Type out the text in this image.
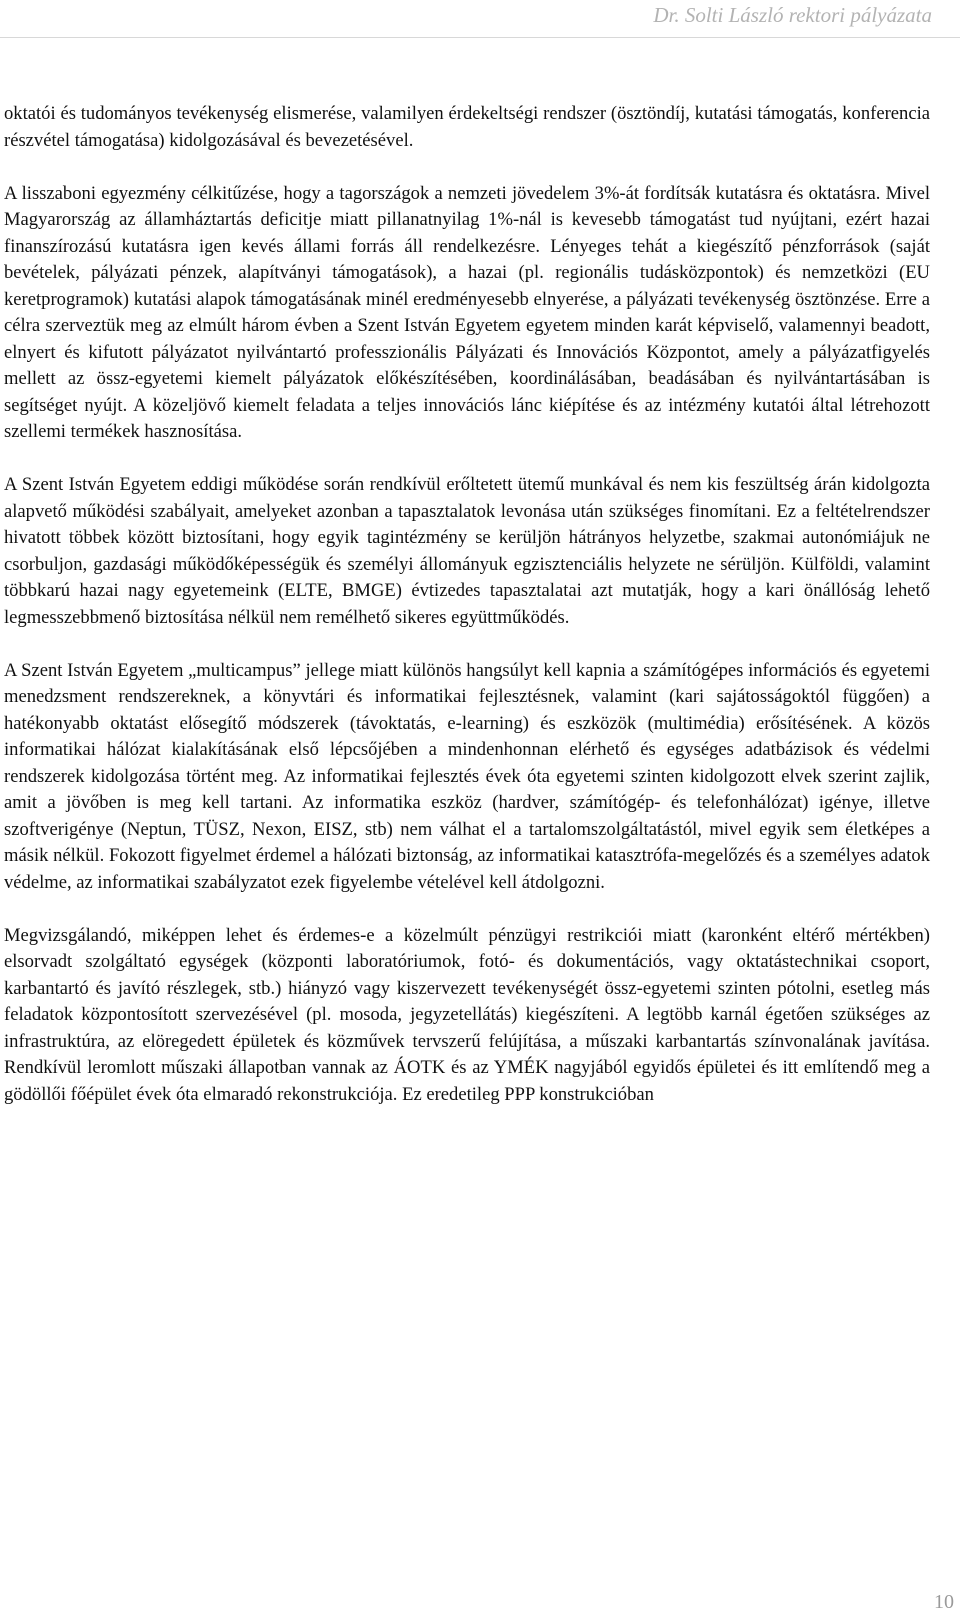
Dr. Solti László rektori pályázata

oktatói és tudományos tevékenység elismerése, valamilyen érdekeltségi rendszer (ösztöndíj, kutatási támogatás, konferencia részvétel támogatása) kidolgozásával és bevezetésével.

A lisszaboni egyezmény célkitűzése, hogy a tagországok a nemzeti jövedelem 3%-át fordítsák kutatásra és oktatásra. Mivel Magyarország az államháztartás deficitje miatt pillanatnyilag 1%-nál is kevesebb támogatást tud nyújtani, ezért hazai finanszírozású kutatásra igen kevés állami forrás áll rendelkezésre. Lényeges tehát a kiegészítő pénzforrások (saját bevételek, pályázati pénzek, alapítványi támogatások), a hazai (pl. regionális tudásközpontok) és nemzetközi (EU keretprogramok) kutatási alapok támogatásának minél eredményesebb elnyerése, a pályázati tevékenység ösztönzése. Erre a célra szerveztük meg az elmúlt három évben a Szent István Egyetem egyetem minden karát képviselő, valamennyi beadott, elnyert és kifutott pályázatot nyilvántartó professzionális Pályázati és Innovációs Központot, amely a pályázatfigyelés mellett az össz-egyetemi kiemelt pályázatok előkészítésében, koordinálásában, beadásában és nyilvántartásában is segítséget nyújt. A közeljövő kiemelt feladata a teljes innovációs lánc kiépítése és az intézmény kutatói által létrehozott szellemi termékek hasznosítása.

A Szent István Egyetem eddigi működése során rendkívül erőltetett ütemű munkával és nem kis feszültség árán kidolgozta alapvető működési szabályait, amelyeket azonban a tapasztalatok levonása után szükséges finomítani. Ez a feltételrendszer hivatott többek között biztosítani, hogy egyik tagintézmény se kerüljön hátrányos helyzetbe, szakmai autonómiájuk ne csorbuljon, gazdasági működőképességük és személyi állományuk egzisztenciális helyzete ne sérüljön. Külföldi, valamint többkarú hazai nagy egyetemeink (ELTE, BMGE) évtizedes tapasztalatai azt mutatják, hogy a kari önállóság lehető legmesszebbmenő biztosítása nélkül nem remélhető sikeres együttműködés.

A Szent István Egyetem „multicampus” jellege miatt különös hangsúlyt kell kapnia a számítógépes információs és egyetemi menedzsment rendszereknek, a könyvtári és informatikai fejlesztésnek, valamint (kari sajátosságoktól függően) a hatékonyabb oktatást elősegítő módszerek (távoktatás, e-learning) és eszközök (multimédia) erősítésének. A közös informatikai hálózat kialakításának első lépcsőjében a mindenhonnan elérhető és egységes adatbázisok és védelmi rendszerek kidolgozása történt meg. Az informatikai fejlesztés évek óta egyetemi szinten kidolgozott elvek szerint zajlik, amit a jövőben is meg kell tartani. Az informatika eszköz (hardver, számítógép- és telefonhálózat) igénye, illetve szoftverigénye (Neptun, TÜSZ, Nexon, EISZ, stb) nem válhat el a tartalomszolgáltatástól, mivel egyik sem életképes a másik nélkül. Fokozott figyelmet érdemel a hálózati biztonság, az informatikai katasztrófa-megelőzés és a személyes adatok védelme, az informatikai szabályzatot ezek figyelembe vételével kell átdolgozni.

Megvizsgálandó, miképpen lehet és érdemes-e a közelmúlt pénzügyi restrikciói miatt (karonként eltérő mértékben) elsorvadt szolgáltató egységek (központi laboratóriumok, fotó- és dokumentációs, vagy oktatástechnikai csoport, karbantartó és javító részlegek, stb.) hiányzó vagy kiszervezett tevékenységét össz-egyetemi szinten pótolni, esetleg más feladatok központosított szervezésével (pl. mosoda, jegyzetellátás) kiegészíteni. A legtöbb karnál égetően szükséges az infrastruktúra, az elöregedett épületek és közművek tervszerű felújítása, a műszaki karbantartás színvonalának javítása. Rendkívül leromlott műszaki állapotban vannak az ÁOTK és az YMÉK nagyjából egyidős épületei és itt említendő meg a gödöllői főépület évek óta elmaradó rekonstrukciója. Ez eredetileg PPP konstrukcióban

10
